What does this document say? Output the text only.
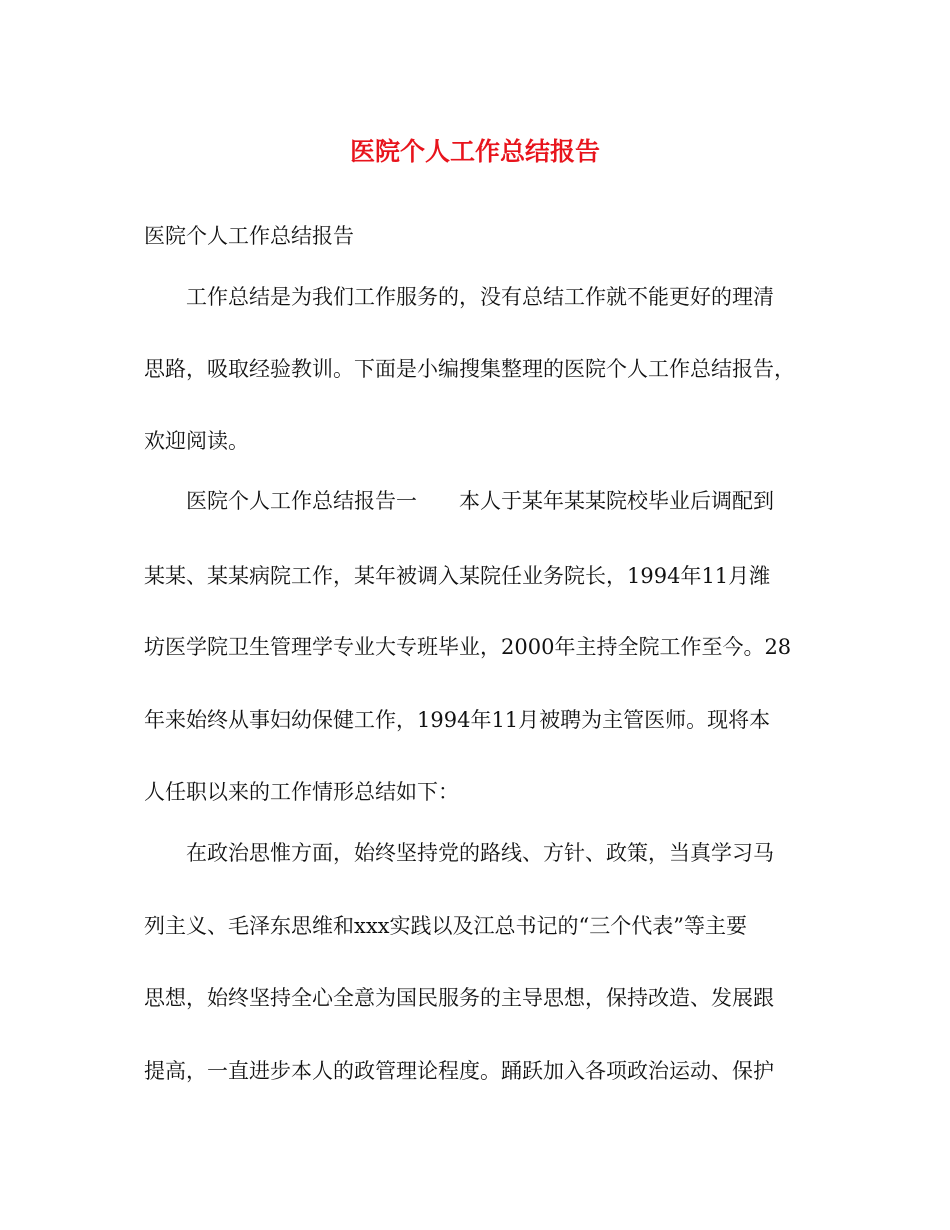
医院个人工作总结报告
医院个人工作总结报告
　　工作总结是为我们工作服务的，没有总结工作就不能更好的理清
思路，吸取经验教训。下面是小编搜集整理的医院个人工作总结报告，
欢迎阅读。
　　医院个人工作总结报告一　　本人于某年某某院校毕业后调配到
某某、某某病院工作，某年被调入某院任业务院长，1994年11月潍
坊医学院卫生管理学专业大专班毕业，2000年主持全院工作至今。28
年来始终从事妇幼保健工作，1994年11月被聘为主管医师。现将本
人任职以来的工作情形总结如下：
　　在政治思惟方面，始终坚持党的路线、方针、政策，当真学习马
列主义、毛泽东思维和xxx实践以及江总书记的“三个代表”等主要
思想，始终坚持全心全意为国民服务的主导思想，保持改造、发展跟
提高，一直进步本人的政管理论程度。踊跃加入各项政治运动、保护
